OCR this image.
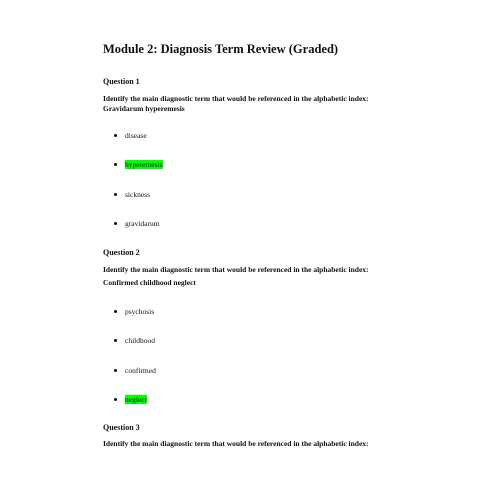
Module 2: Diagnosis Term Review (Graded)
Question 1
Identify the main diagnostic term that would be referenced in the alphabetic index:
Gravidarum hyperemesis
disease
hyperemesis
sickness
gravidarum
Question 2
Identify the main diagnostic term that would be referenced in the alphabetic index:
Confirmed childhood neglect
psychosis
childhood
confirmed
neglect
Question 3
Identify the main diagnostic term that would be referenced in the alphabetic index:
